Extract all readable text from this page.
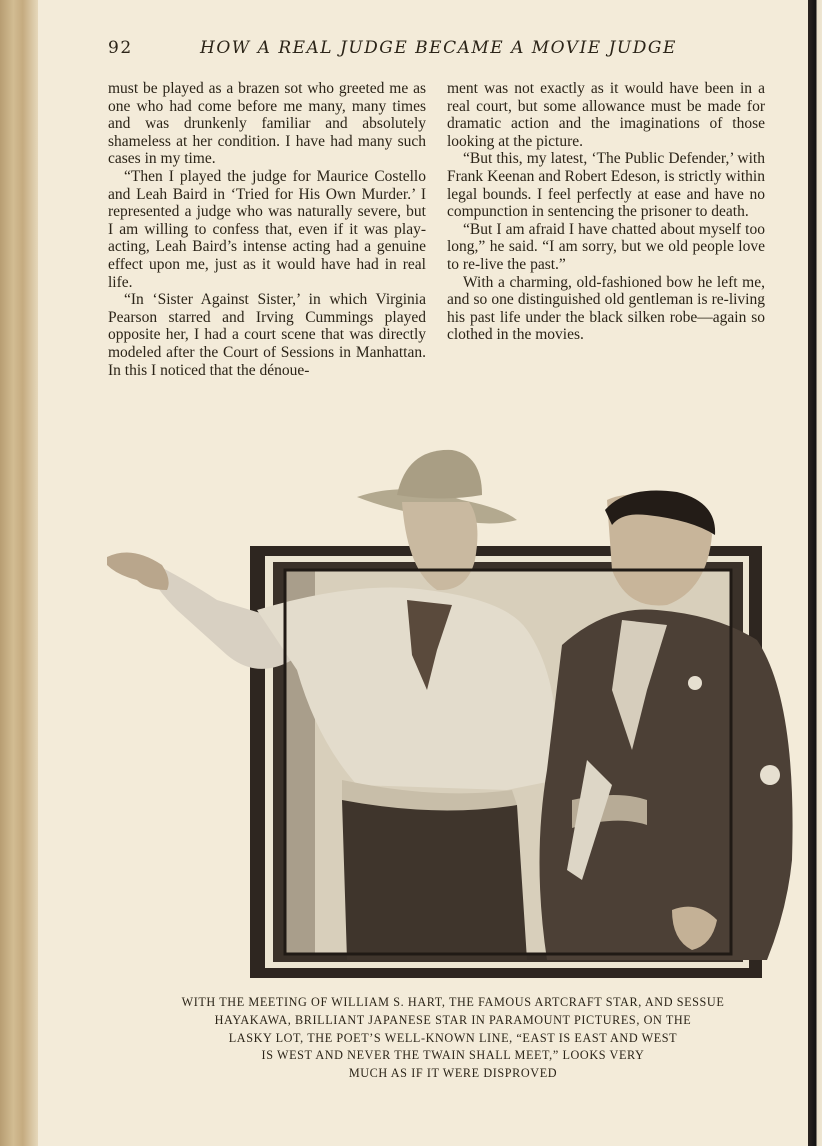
92	HOW A REAL JUDGE BECAME A MOVIE JUDGE

must be played as a brazen sot who greeted me as one who had come before me many, many times and was drunkenly familiar and absolutely shameless at her condition. I have had many such cases in my time.

“Then I played the judge for Maurice Costello and Leah Baird in ‘Tried for His Own Murder.’ I represented a judge who was naturally severe, but I am willing to confess that, even if it was play-acting, Leah Baird’s intense acting had a genuine effect upon me, just as it would have had in real life.

“In ‘Sister Against Sister,’ in which Virginia Pearson starred and Irving Cummings played opposite her, I had a court scene that was directly modeled after the Court of Sessions in Manhattan. In this I noticed that the dénoue-

ment was not exactly as it would have been in a real court, but some allowance must be made for dramatic action and the imaginations of those looking at the picture.

“But this, my latest, ‘The Public Defender,’ with Frank Keenan and Robert Edeson, is strictly within legal bounds. I feel perfectly at ease and have no compunction in sentencing the prisoner to death.

“But I am afraid I have chatted about myself too long,” he said. “I am sorry, but we old people love to re-live the past.”

With a charming, old-fashioned bow he left me, and so one distinguished old gentleman is re-living his past life under the black silken robe—again so clothed in the movies.

WITH THE MEETING OF WILLIAM S. HART, THE FAMOUS ARTCRAFT STAR, AND SESSUE
HAYAKAWA, BRILLIANT JAPANESE STAR IN PARAMOUNT PICTURES, ON THE
LASKY LOT, THE POET’S WELL-KNOWN LINE, “EAST IS EAST AND WEST
IS WEST AND NEVER THE TWAIN SHALL MEET,” LOOKS VERY
MUCH AS IF IT WERE DISPROVED
